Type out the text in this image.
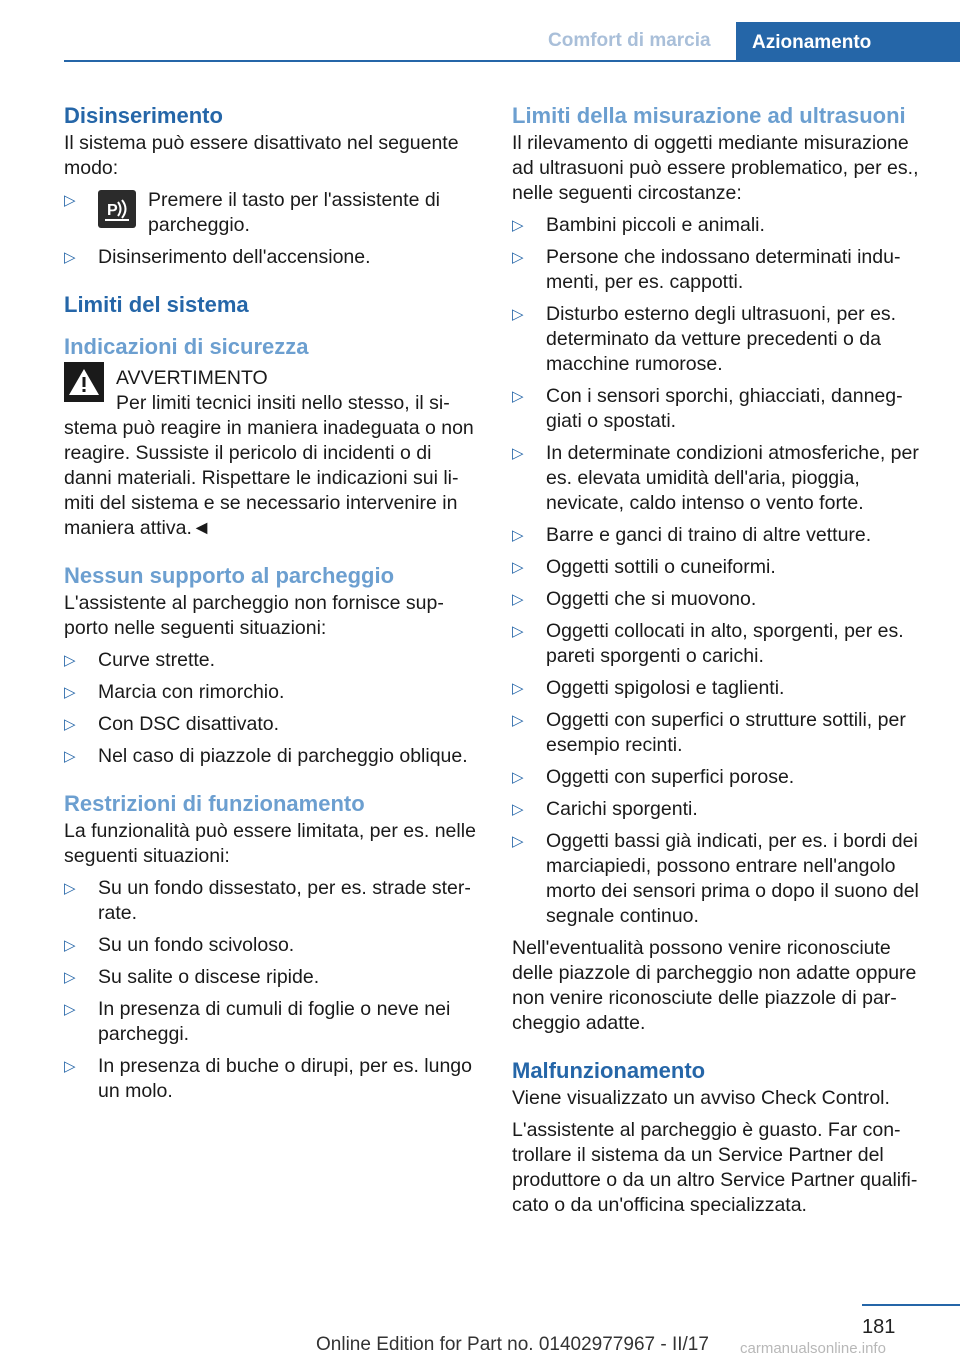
Comfort di marcia	Azionamento
Disinserimento

Il sistema può essere disattivato nel seguente modo:

▷
P Premere il tasto per l'assistente di parcheggio.
▷ Disinserimento dell'accensione.
Limiti del sistema
Indicazioni di sicurezza
AVVERTIMENTO

Per limiti tecnici insiti nello stesso, il si-stema può reagire in maniera inadeguata o non reagire. Sussiste il pericolo di incidenti o di danni materiali. Rispettare le indicazioni sui li-miti del sistema e se necessario intervenire in maniera attiva.◄

Nessun supporto al parcheggio

L'assistente al parcheggio non fornisce sup-porto nelle seguenti situazioni:

▷ Curve strette.
▷ Marcia con rimorchio.
▷ Con DSC disattivato.
▷ Nel caso di piazzole di parcheggio oblique.
Restrizioni di funzionamento

La funzionalità può essere limitata, per es. nelle seguenti situazioni:

▷ Su un fondo dissestato, per es. strade ster-rate.
▷ Su un fondo scivoloso.
▷ Su salite o discese ripide.
▷ In presenza di cumuli di foglie o neve nei parcheggi.
▷ In presenza di buche o dirupi, per es. lungo un molo.
Limiti della misurazione ad ultrasuoni

Il rilevamento di oggetti mediante misurazione ad ultrasuoni può essere problematico, per es., nelle seguenti circostanze:

▷ Bambini piccoli e animali.
▷ Persone che indossano determinati indu-menti, per es. cappotti.
▷ Disturbo esterno degli ultrasuoni, per es. determinato da vetture precedenti o da macchine rumorose.
▷ Con i sensori sporchi, ghiacciati, danneg-giati o spostati.
▷ In determinate condizioni atmosferiche, per es. elevata umidità dell'aria, pioggia, nevicate, caldo intenso o vento forte.
▷ Barre e ganci di traino di altre vetture.
▷ Oggetti sottili o cuneiformi.
▷ Oggetti che si muovono.
▷ Oggetti collocati in alto, sporgenti, per es. pareti sporgenti o carichi.
▷ Oggetti spigolosi e taglienti.
▷ Oggetti con superfici o strutture sottili, per esempio recinti.
▷ Oggetti con superfici porose.
▷ Carichi sporgenti.
▷ Oggetti bassi già indicati, per es. i bordi dei marciapiedi, possono entrare nell'angolo morto dei sensori prima o dopo il suono del segnale continuo.

Nell'eventualità possono venire riconosciute delle piazzole di parcheggio non adatte oppure non venire riconosciute delle piazzole di par-cheggio adatte.

Malfunzionamento

Viene visualizzato un avviso Check Control.

L'assistente al parcheggio è guasto. Far con-trollare il sistema da un Service Partner del produttore o da un altro Service Partner qualifi-cato o da un'officina specializzata.

181
Online Edition for Part no. 01402977967 - II/17 carmanualsonline.info
